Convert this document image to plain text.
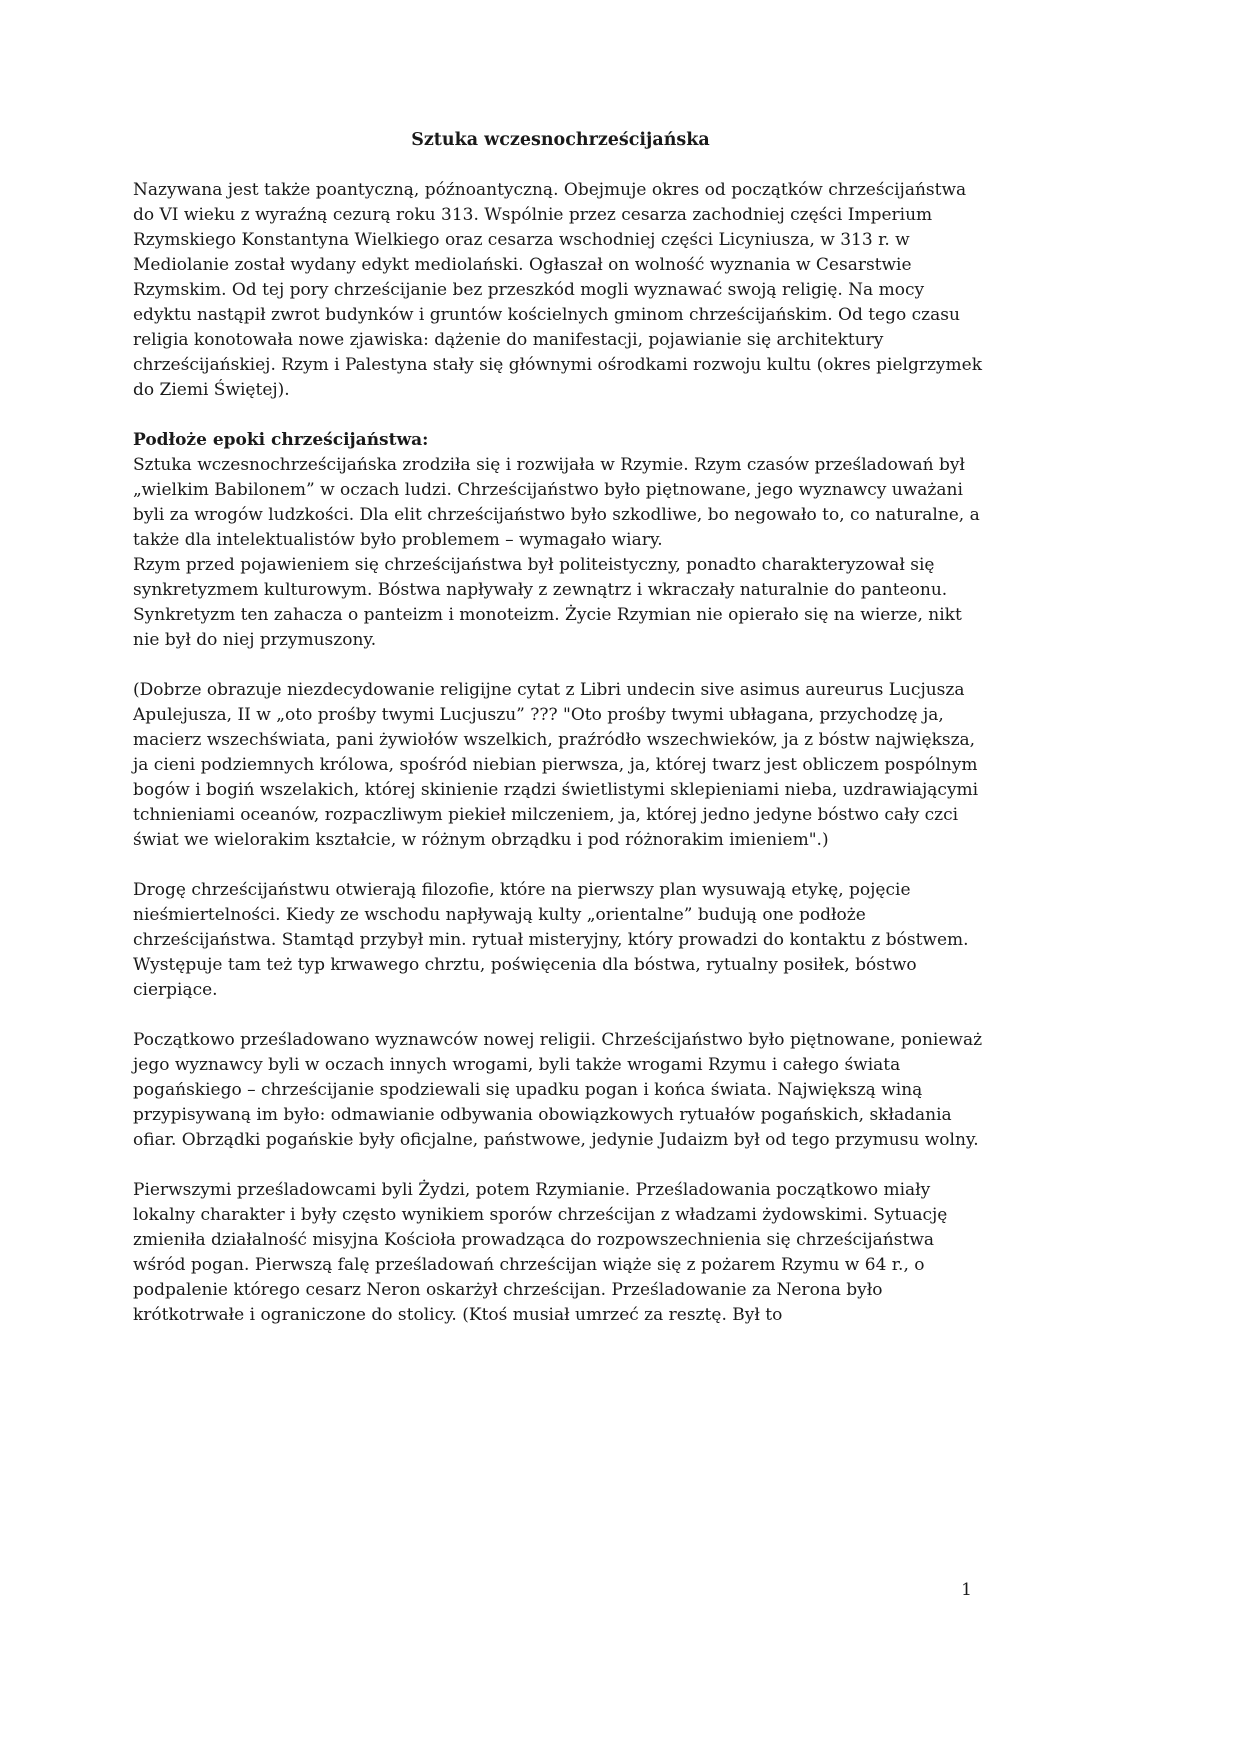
Sztuka wczesnochrześcijańska

Nazywana jest także poantyczną, późnoantyczną. Obejmuje okres od początków chrześcijaństwa do VI wieku z wyraźną cezurą roku 313. Wspólnie przez cesarza zachodniej części Imperium Rzymskiego Konstantyna Wielkiego oraz cesarza wschodniej części Licyniusza, w 313 r. w Mediolanie został wydany edykt mediolański. Ogłaszał on wolność wyznania w Cesarstwie Rzymskim. Od tej pory chrześcijanie bez przeszkód mogli wyznawać swoją religię. Na mocy edyktu nastąpił zwrot budynków i gruntów kościelnych gminom chrześcijańskim. Od tego czasu religia konotowała nowe zjawiska: dążenie do manifestacji, pojawianie się architektury chrześcijańskiej. Rzym i Palestyna stały się głównymi ośrodkami rozwoju kultu (okres pielgrzymek do Ziemi Świętej).

Podłoże epoki chrześcijaństwa:

Sztuka wczesnochrześcijańska zrodziła się i rozwijała w Rzymie. Rzym czasów prześladowań był „wielkim Babilonem” w oczach ludzi. Chrześcijaństwo było piętnowane, jego wyznawcy uważani byli za wrogów ludzkości. Dla elit chrześcijaństwo było szkodliwe, bo negowało to, co naturalne, a także dla intelektualistów było problemem – wymagało wiary.

Rzym przed pojawieniem się chrześcijaństwa był politeistyczny, ponadto charakteryzował się synkretyzmem kulturowym. Bóstwa napływały z zewnątrz i wkraczały naturalnie do panteonu. Synkretyzm ten zahacza o panteizm i monoteizm. Życie Rzymian nie opierało się na wierze, nikt nie był do niej przymuszony.

(Dobrze obrazuje niezdecydowanie religijne cytat z Libri undecin sive asimus aureurus Lucjusza Apulejusza, II w „oto prośby twymi Lucjuszu” ??? "Oto prośby twymi ubłagana, przychodzę ja, macierz wszechświata, pani żywiołów wszelkich, praźródło wszechwieków, ja z bóstw największa, ja cieni podziemnych królowa, spośród niebian pierwsza, ja, której twarz jest obliczem pospólnym bogów i bogiń wszelakich, której skinienie rządzi świetlistymi sklepieniami nieba, uzdrawiającymi tchnieniami oceanów, rozpaczliwym piekieł milczeniem, ja, której jedno jedyne bóstwo cały czci świat we wielorakim kształcie, w różnym obrządku i pod różnorakim imieniem".)

Drogę chrześcijaństwu otwierają filozofie, które na pierwszy plan wysuwają etykę, pojęcie nieśmiertelności. Kiedy ze wschodu napływają kulty „orientalne” budują one podłoże chrześcijaństwa. Stamtąd przybył min. rytuał misteryjny, który prowadzi do kontaktu z bóstwem. Występuje tam też typ krwawego chrztu, poświęcenia dla bóstwa, rytualny posiłek, bóstwo cierpiące.

Początkowo prześladowano wyznawców nowej religii. Chrześcijaństwo było piętnowane, ponieważ jego wyznawcy byli w oczach innych wrogami, byli także wrogami Rzymu i całego świata pogańskiego – chrześcijanie spodziewali się upadku pogan i końca świata. Największą winą przypisywaną im było: odmawianie odbywania obowiązkowych rytuałów pogańskich, składania ofiar. Obrządki pogańskie były oficjalne, państwowe, jedynie Judaizm był od tego przymusu wolny.

Pierwszymi prześladowcami byli Żydzi, potem Rzymianie. Prześladowania początkowo miały lokalny charakter i były często wynikiem sporów chrześcijan z władzami żydowskimi. Sytuację zmieniła działalność misyjna Kościoła prowadząca do rozpowszechnienia się chrześcijaństwa wśród pogan. Pierwszą falę prześladowań chrześcijan wiąże się z pożarem Rzymu w 64 r., o podpalenie którego cesarz Neron oskarżył chrześcijan. Prześladowanie za Nerona było krótkotrwałe i ograniczone do stolicy. (Ktoś musiał umrzeć za resztę. Był to

1
